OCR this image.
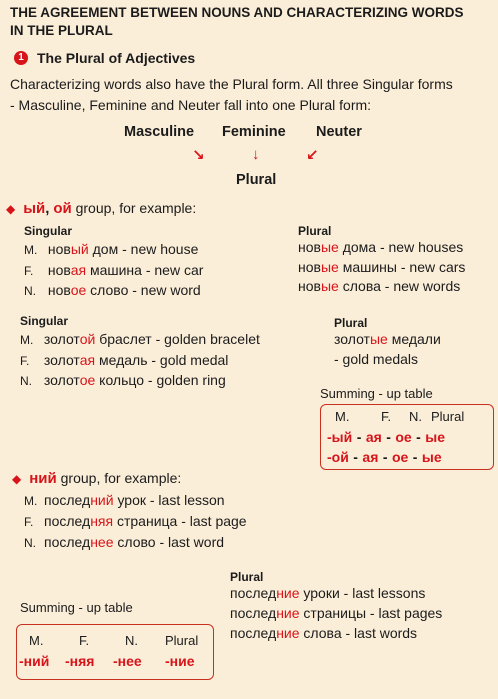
THE AGREEMENT BETWEEN NOUNS AND CHARACTERIZING WORDS
IN THE PLURAL
1 The Plural of Adjectives
Characterizing words also have the Plural form. All three Singular forms
- Masculine, Feminine and Neuter fall into one Plural form:
Masculine Feminine Neuter
↘	↓	↙
Plural
◆ ый, ой group, for example:
Singular
M. новый дом - new house
F. новая машина - new car
N. новое слово - new word
Plural
новые дома - new houses
новые машины - new cars
новые слова - new words
Singular
M. золотой браслет - golden bracelet
F. золотая медаль - gold medal
N. золотое кольцо - golden ring
Plural
золотые медали
- gold medals
Summing - up table
M. F. N. Plural
-ый - ая - ое - ые
-ой - ая - ое - ые
◆ ний group, for example:
M. последний урок - last lesson
F. последняя страница - last page
N. последнее слово - last word
Plural
последние уроки - last lessons
последние страницы - last pages
последние слова - last words
Summing - up table
M.	F.	N. Plural
-ний -няя -нее -ние
